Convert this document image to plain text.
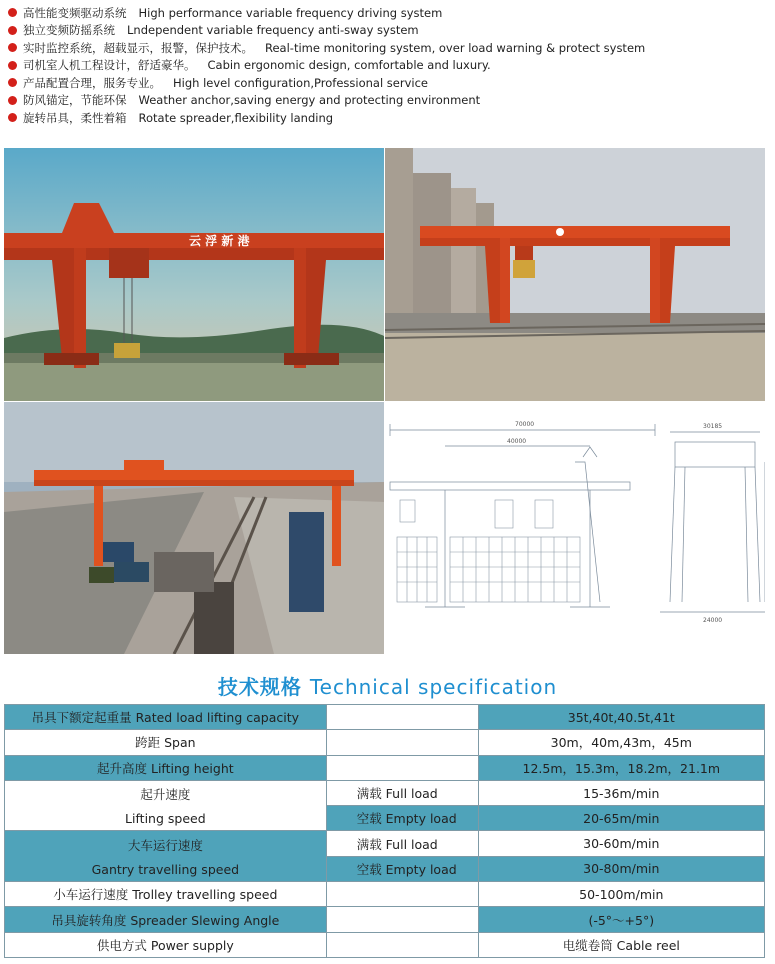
高性能变频驱动系统 High performance variable frequency driving system
独立变频防摇系统 Lndependent variable frequency anti-sway system
实时监控系统，超载显示，报警，保护技术。 Real-time monitoring system, over load warning & protect system
司机室人机工程设计，舒适豪华。 Cabin ergonomic design, comfortable and luxury.
产品配置合理，服务专业。 High level configuration,Professional service
防风锚定，节能环保 Weather anchor,saving energy and protecting environment
旋转吊具，柔性着箱 Rotate spreader,flexibility landing
云 浮 新 港
70000
40000
30185
24000
技术规格 Technical specification
吊具下额定起重量 Rated load lifting capacity		35t,40t,40.5t,41t
跨距 Span		30m，40m,43m，45m
起升高度 Lifting height		12.5m，15.3m，18.2m，21.1m

起升速度
Lifting speed	满载 Full load	15-36m/min
	空载 Empty load	20-65m/min

大车运行速度
Gantry travelling speed	满载 Full load	30-60m/min
	空载 Empty load	30-80m/min
小车运行速度 Trolley travelling speed		50-100m/min
吊具旋转角度 Spreader Slewing Angle		(-5°～+5°)
供电方式 Power supply		电缆卷筒 Cable reel
